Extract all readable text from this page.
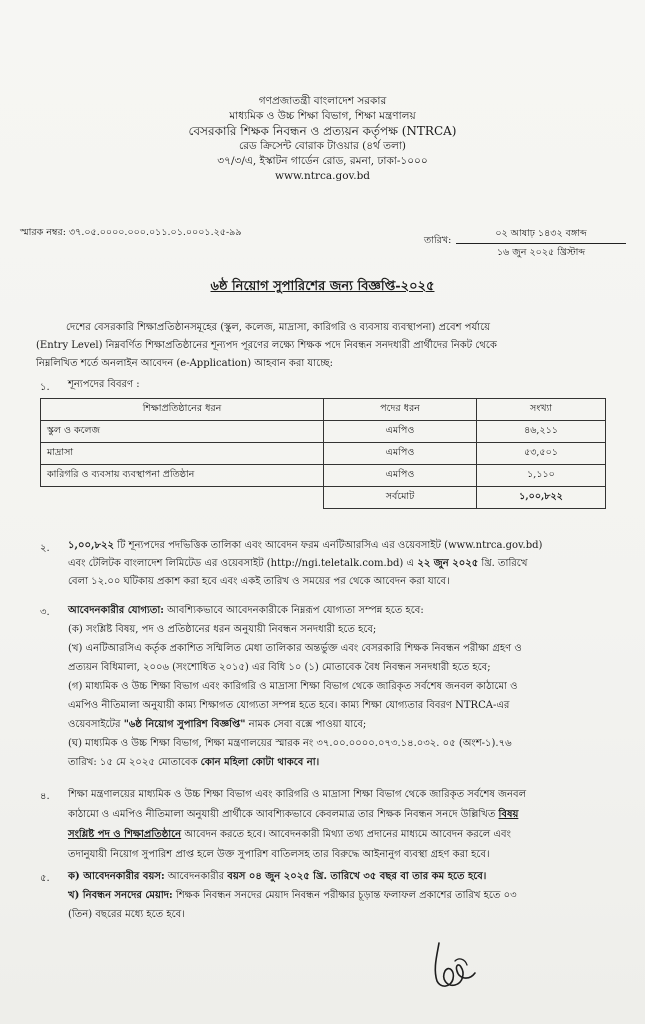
গণপ্রজাতন্ত্রী বাংলাদেশ সরকার
মাধ্যমিক ও উচ্চ শিক্ষা বিভাগ, শিক্ষা মন্ত্রণালয়
বেসরকারি শিক্ষক নিবন্ধন ও প্রত্যয়ন কর্তৃপক্ষ (NTRCA)
রেড ক্রিসেন্ট বোরাক টাওয়ার (৪র্থ তলা)
৩৭/৩/এ, ইস্কাটন গার্ডেন রোড, রমনা, ঢাকা-১০০০
www.ntrca.gov.bd
স্মারক নম্বর: ৩৭.০৫.০০০০.০০০.০১১.০১.০০০১.২৫-৯৯
তারিখ:
০২ আষাঢ় ১৪৩২ বঙ্গাব্দ
১৬ জুন ২০২৫ খ্রিস্টাব্দ
৬ষ্ঠ নিয়োগ সুপারিশের জন্য বিজ্ঞপ্তি-২০২৫
দেশের বেসরকারি শিক্ষাপ্রতিষ্ঠানসমূহের (স্কুল, কলেজ, মাদ্রাসা, কারিগরি ও ব্যবসায় ব্যবস্থাপনা) প্রবেশ পর্যায়ে
(Entry Level) নিম্নবর্ণিত শিক্ষাপ্রতিষ্ঠানের শূন্যপদ পূরণের লক্ষ্যে শিক্ষক পদে নিবন্ধন সনদধারী প্রার্থীদের নিকট থেকে
নিম্নলিখিত শর্তে অনলাইন আবেদন (e-Application) আহবান করা যাচ্ছে:
১. শূন্যপদের বিবরণ :
শিক্ষাপ্রতিষ্ঠানের ধরন	পদের ধরন	সংখ্যা
স্কুল ও কলেজ	এমপিও	৪৬,২১১
মাদ্রাসা	এমপিও	৫৩,৫০১
কারিগরি ও ব্যবসায় ব্যবস্থাপনা প্রতিষ্ঠান	এমপিও	১,১১০
	সর্বমোট	১,০০,৮২২
২. ১,০০,৮২২ টি শূন্যপদের পদভিত্তিক তালিকা এবং আবেদন ফরম এনটিআরসিএ এর ওয়েবসাইট (www.ntrca.gov.bd)
এবং টেলিটক বাংলাদেশ লিমিটেড এর ওয়েবসাইট (http://ngi.teletalk.com.bd) এ ২২ জুন ২০২৫ খ্রি. তারিখে
বেলা ১২.০০ ঘটিকায় প্রকাশ করা হবে এবং একই তারিখ ও সময়ের পর থেকে আবেদন করা যাবে।
৩. আবেদনকারীর যোগ্যতা: আবশ্যিকভাবে আবেদনকারীকে নিম্নরূপ যোগ্যতা সম্পন্ন হতে হবে:
(ক) সংশ্লিষ্ট বিষয়, পদ ও প্রতিষ্ঠানের ধরন অনুযায়ী নিবন্ধন সনদধারী হতে হবে;
(খ) এনটিআরসিএ কর্তৃক প্রকাশিত সম্মিলিত মেধা তালিকার অন্তর্ভুক্ত এবং বেসরকারি শিক্ষক নিবন্ধন পরীক্ষা গ্রহণ ও
প্রত্যয়ন বিধিমালা, ২০০৬ (সংশোধিত ২০১৫) এর বিধি ১০ (১) মোতাবেক বৈধ নিবন্ধন সনদধারী হতে হবে;
(গ) মাধ্যমিক ও উচ্চ শিক্ষা বিভাগ এবং কারিগরি ও মাদ্রাসা শিক্ষা বিভাগ থেকে জারিকৃত সর্বশেষ জনবল কাঠামো ও
এমপিও নীতিমালা অনুযায়ী কাম্য শিক্ষাগত যোগ্যতা সম্পন্ন হতে হবে। কাম্য শিক্ষা যোগ্যতার বিবরণ NTRCA-এর
ওয়েবসাইটের "৬ষ্ঠ নিয়োগ সুপারিশ বিজ্ঞপ্তি" নামক সেবা বক্সে পাওয়া যাবে;
(ঘ) মাধ্যমিক ও উচ্চ শিক্ষা বিভাগ, শিক্ষা মন্ত্রণালয়ের স্মারক নং ৩৭.০০.০০০০.০৭৩.১৪.০৩২. ০৫ (অংশ-১).৭৬
তারিখ: ১৫ মে ২০২৫ মোতাবেক কোন মহিলা কোটা থাকবে না।
৪. শিক্ষা মন্ত্রণালয়ের মাধ্যমিক ও উচ্চ শিক্ষা বিভাগ এবং কারিগরি ও মাদ্রাসা শিক্ষা বিভাগ থেকে জারিকৃত সর্বশেষ জনবল
কাঠামো ও এমপিও নীতিমালা অনুযায়ী প্রার্থীকে আবশ্যিকভাবে কেবলমাত্র তার শিক্ষক নিবন্ধন সনদে উল্লিখিত বিষয়
সংশ্লিষ্ট পদ ও শিক্ষাপ্রতিষ্ঠানে আবেদন করতে হবে। আবেদনকারী মিথ্যা তথ্য প্রদানের মাধ্যমে আবেদন করলে এবং
তদানুযায়ী নিয়োগ সুপারিশ প্রাপ্ত হলে উক্ত সুপারিশ বাতিলসহ তার বিরুদ্ধে আইনানুগ ব্যবস্থা গ্রহণ করা হবে।
৫. ক) আবেদনকারীর বয়স: আবেদনকারীর বয়স ০৪ জুন ২০২৫ খ্রি. তারিখে ৩৫ বছর বা তার কম হতে হবে।
খ) নিবন্ধন সনদের মেয়াদ: শিক্ষক নিবন্ধন সনদের মেয়াদ নিবন্ধন পরীক্ষার চূড়ান্ত ফলাফল প্রকাশের তারিখ হতে ০৩
(তিন) বছরের মধ্যে হতে হবে।
